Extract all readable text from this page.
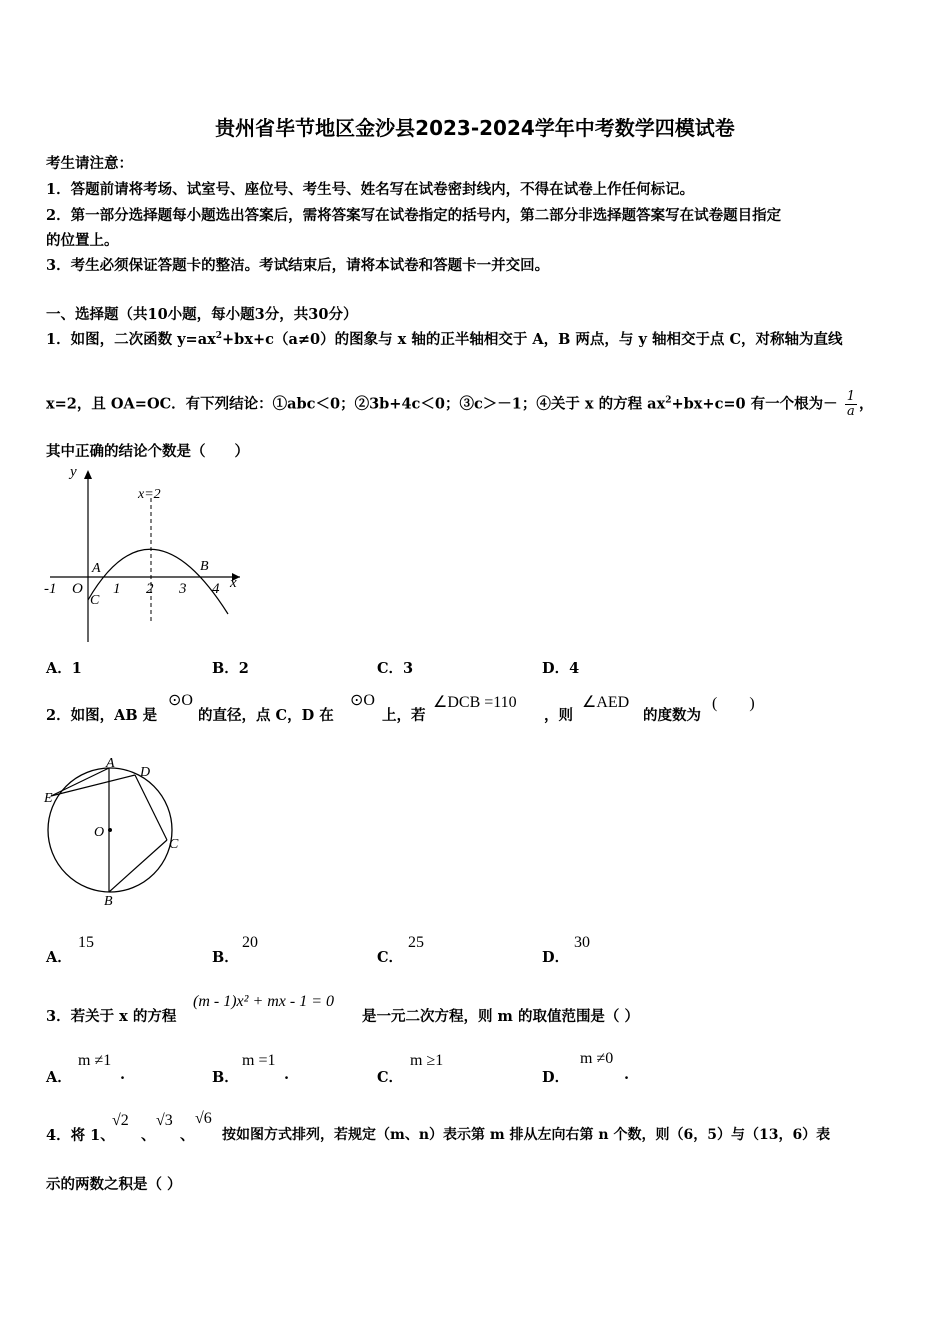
贵州省毕节地区金沙县2023-2024学年中考数学四模试卷
考生请注意：
1．答题前请将考场、试室号、座位号、考生号、姓名写在试卷密封线内，不得在试卷上作任何标记。
2．第一部分选择题每小题选出答案后，需将答案写在试卷指定的括号内，第二部分非选择题答案写在试卷题目指定
的位置上。
3．考生必须保证答题卡的整洁。考试结束后，请将本试卷和答题卡一并交回。
一、选择题（共10小题，每小题3分，共30分）
1．如图，二次函数 $y=ax^2+bx+c(a\ne 0)$的图象与 x 轴的正半轴相交于 A，B 两点，与 y 轴相交于点 C，对称轴为直线
x=2，且 OA=OC．有下列结论：①abc＜0；②3b+4c＜0；③c＞－1；④关于 x 的方程 $ax^2+bx+c=0$ 有一个根为－ $\frac{1}{a}$ ，
其中正确的结论个数是（　　）
y
x
x=2
-1 O 1 2 3 4
A	B
C
A．1	B．2	C．3	D．4
2．如图，AB 是
⊙O
的直径，点 C，D 在
⊙O
上，若
∠DCB =110
，则
∠AED
的度数为
(　　)
A
D
E
O
C
B
A．
15
B．
20
C．
25
D．
30
3．若关于 x 的方程
(m - 1)x² + mx - 1 = 0
是一元二次方程，则 m 的取值范围是（ ）
A．
m ≠1
.	B．
m =1
.	C．
m ≥1
D．
m ≠0
.
4．将 1、
√2
、
√3
、
√6
按如图方式排列，若规定（m、n）表示第 m 排从左向右第 n 个数，则（6，5）与（13，6）表
示的两数之积是（ ）
